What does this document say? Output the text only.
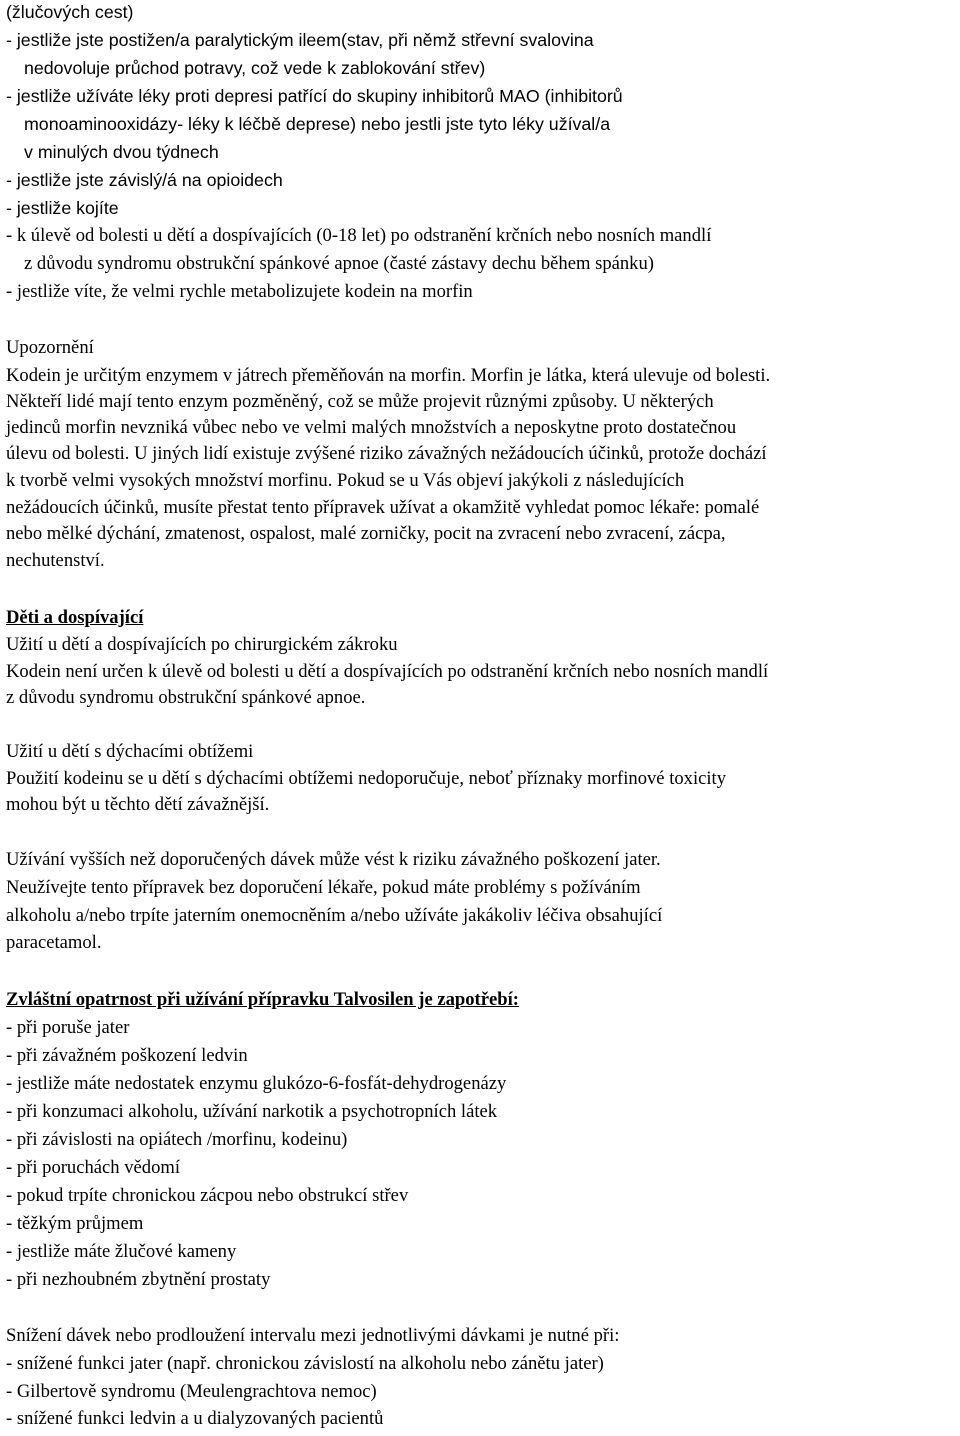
(žlučových cest)
- jestliže jste postižen/a paralytickým ileem(stav, při němž střevní svalovina
nedovoluje průchod potravy, což vede k zablokování střev)
- jestliže užíváte léky proti depresi patřící do skupiny inhibitorů MAO (inhibitorů
monoaminooxidázy- léky k léčbě deprese) nebo jestli jste tyto léky užíval/a
v minulých dvou týdnech
- jestliže jste závislý/á na opioidech
- jestliže kojíte
- k úlevě od bolesti u dětí a dospívajících (0-18 let) po odstranění krčních nebo nosních mandlí
z důvodu syndromu obstrukční spánkové apnoe (časté zástavy dechu během spánku)
- jestliže víte, že velmi rychle metabolizujete kodein na morfin
Upozornění
Kodein je určitým enzymem v játrech přeměňován na morfin. Morfin je látka, která ulevuje od bolesti.
Někteří lidé mají tento enzym pozměněný, což se může projevit různými způsoby. U některých
jedinců morfin nevzniká vůbec nebo ve velmi malých množstvích a neposkytne proto dostatečnou
úlevu od bolesti. U jiných lidí existuje zvýšené riziko závažných nežádoucích účinků, protože dochází
k tvorbě velmi vysokých množství morfinu. Pokud se u Vás objeví jakýkoli z následujících
nežádoucích účinků, musíte přestat tento přípravek užívat a okamžitě vyhledat pomoc lékaře: pomalé
nebo mělké dýchání, zmatenost, ospalost, malé zorničky, pocit na zvracení nebo zvracení, zácpa,
nechutenství.
Děti a dospívající
Užití u dětí a dospívajících po chirurgickém zákroku
Kodein není určen k úlevě od bolesti u dětí a dospívajících po odstranění krčních nebo nosních mandlí
z důvodu syndromu obstrukční spánkové apnoe.
Užití u dětí s dýchacími obtížemi
Použití kodeinu se u dětí s dýchacími obtížemi nedoporučuje, neboť příznaky morfinové toxicity
mohou být u těchto dětí závažnější.
Užívání vyšších než doporučených dávek může vést k riziku závažného poškození jater.
Neužívejte tento přípravek bez doporučení lékaře, pokud máte problémy s požíváním
alkoholu a/nebo trpíte jaterním onemocněním a/nebo užíváte jakákoliv léčiva obsahující
paracetamol.
Zvláštní opatrnost při užívání přípravku Talvosilen je zapotřebí:
- při poruše jater
- při závažném poškození ledvin
- jestliže máte nedostatek enzymu glukózo-6-fosfát-dehydrogenázy
- při konzumaci alkoholu, užívání narkotik a psychotropních látek
- při závislosti na opiátech /morfinu, kodeinu)
- při poruchách vědomí
- pokud trpíte chronickou zácpou nebo obstrukcí střev
- těžkým průjmem
- jestliže máte žlučové kameny
- při nezhoubném zbytnění prostaty
Snížení dávek nebo prodloužení intervalu mezi jednotlivými dávkami je nutné při:
- snížené funkci jater (např. chronickou závislostí na alkoholu nebo zánětu jater)
- Gilbertově syndromu (Meulengrachtova nemoc)
- snížené funkci ledvin a u dialyzovaných pacientů
